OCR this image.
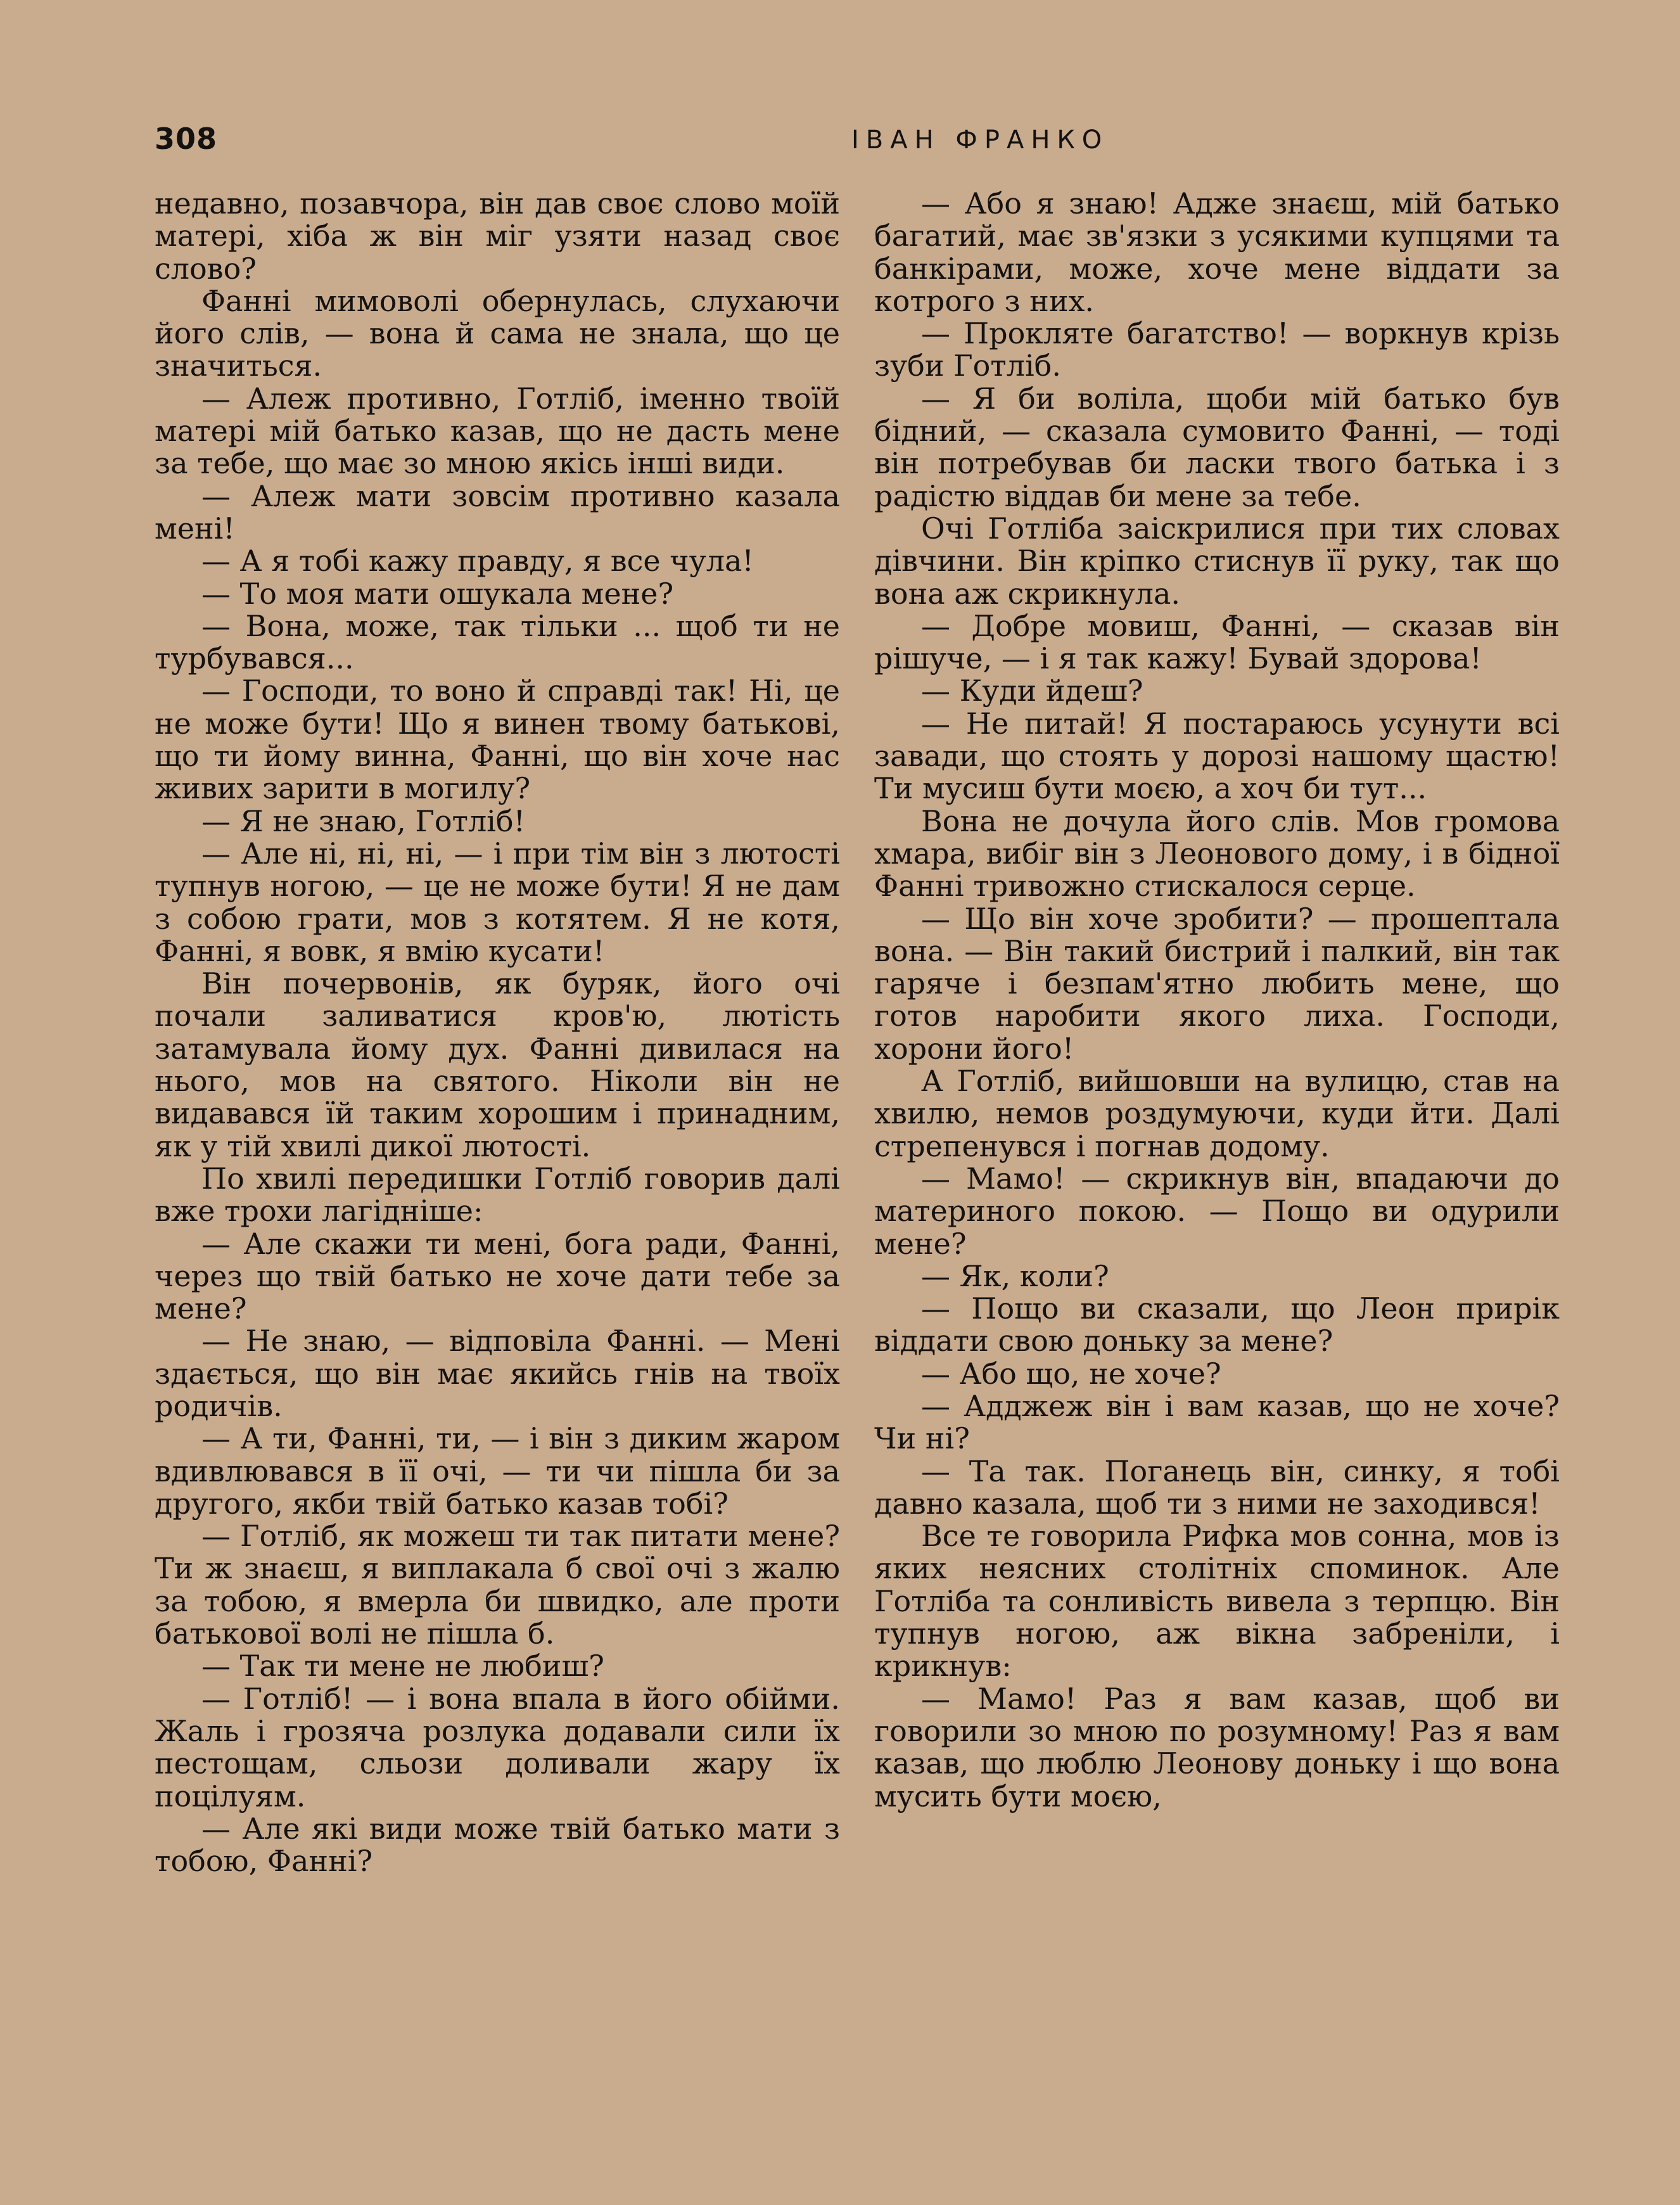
308	ІВАН ФРАНКО

недавно, позавчора, він дав своє слово моїй матері, хіба ж він міг узяти назад своє слово?

Фанні мимоволі обернулась, слухаючи його слів, — вона й сама не знала, що це значиться.

— Алеж противно, Готліб, іменно твоїй матері мій батько казав, що не дасть мене за тебе, що має зо мною якісь інші види.

— Алеж мати зовсім противно казала мені!

— А я тобі кажу правду, я все чула!

— То моя мати ошукала мене?

— Вона, може, так тільки ... щоб ти не турбувався...

— Господи, то воно й справді так! Ні, це не може бути! Що я винен твому батькові, що ти йому винна, Фанні, що він хоче нас живих зарити в могилу?

— Я не знаю, Готліб!

— Але ні, ні, ні, — і при тім він з лютості тупнув ногою, — це не може бути! Я не дам з собою грати, мов з котятем. Я не котя, Фанні, я вовк, я вмію кусати!

Він почервонів, як буряк, його очі почали заливатися кров'ю, лютість затамувала йому дух. Фанні дивилася на нього, мов на святого. Ніколи він не видавався їй таким хорошим і принадним, як у тій хвилі дикої лютості.

По хвилі передишки Готліб говорив далі вже трохи лагідніше:

— Але скажи ти мені, бога ради, Фанні, через що твій батько не хоче дати тебе за мене?

— Не знаю, — відповіла Фанні. — Мені здається, що він має якийсь гнів на твоїх родичів.

— А ти, Фанні, ти, — і він з диким жаром вдивлювався в її очі, — ти чи пішла би за другого, якби твій батько казав тобі?

— Готліб, як можеш ти так питати мене? Ти ж знаєш, я виплакала б свої очі з жалю за тобою, я вмерла би швидко, але проти батькової волі не пішла б.

— Так ти мене не любиш?

— Готліб! — і вона впала в його обійми. Жаль і грозяча розлука додавали сили їх пестощам, сльози доливали жару їх поцілуям.

— Але які види може твій батько мати з тобою, Фанні?

— Або я знаю! Адже знаєш, мій батько багатий, має зв'язки з усякими купцями та банкірами, може, хоче мене віддати за котрого з них.

— Прокляте багатство! — воркнув крізь зуби Готліб.

— Я би воліла, щоби мій батько був бідний, — сказала сумовито Фанні, — тоді він потребував би ласки твого батька і з радістю віддав би мене за тебе.

Очі Готліба заіскрилися при тих словах дівчини. Він кріпко стиснув її руку, так що вона аж скрикнула.

— Добре мовиш, Фанні, — сказав він рішуче, — і я так кажу! Бувай здорова!

— Куди йдеш?

— Не питай! Я постараюсь усунути всі завади, що стоять у дорозі нашому щастю! Ти мусиш бути моєю, а хоч би тут...

Вона не дочула його слів. Мов громова хмара, вибіг він з Леонового дому, і в бідної Фанні тривожно стискалося серце.

— Що він хоче зробити? — прошептала вона. — Він такий бистрий і палкий, він так гаряче і безпам'ятно любить мене, що готов наробити якого лиха. Господи, хорони його!

А Готліб, вийшовши на вулицю, став на хвилю, немов роздумуючи, куди йти. Далі стрепенувся і погнав додому.

— Мамо! — скрикнув він, впадаючи до материного покою. — Пощо ви одурили мене?

— Як, коли?

— Пощо ви сказали, що Леон прирік віддати свою доньку за мене?

— Або що, не хоче?

— Адджеж він і вам казав, що не хоче? Чи ні?

— Та так. Поганець він, синку, я тобі давно казала, щоб ти з ними не заходився!

Все те говорила Рифка мов сонна, мов із яких неясних столітніх споминок. Але Готліба та сонливість вивела з терпцю. Він тупнув ногою, аж вікна забреніли, і крикнув:

— Мамо! Раз я вам казав, щоб ви говорили зо мною по розумному! Раз я вам казав, що люблю Леонову доньку і що вона мусить бути моєю,
